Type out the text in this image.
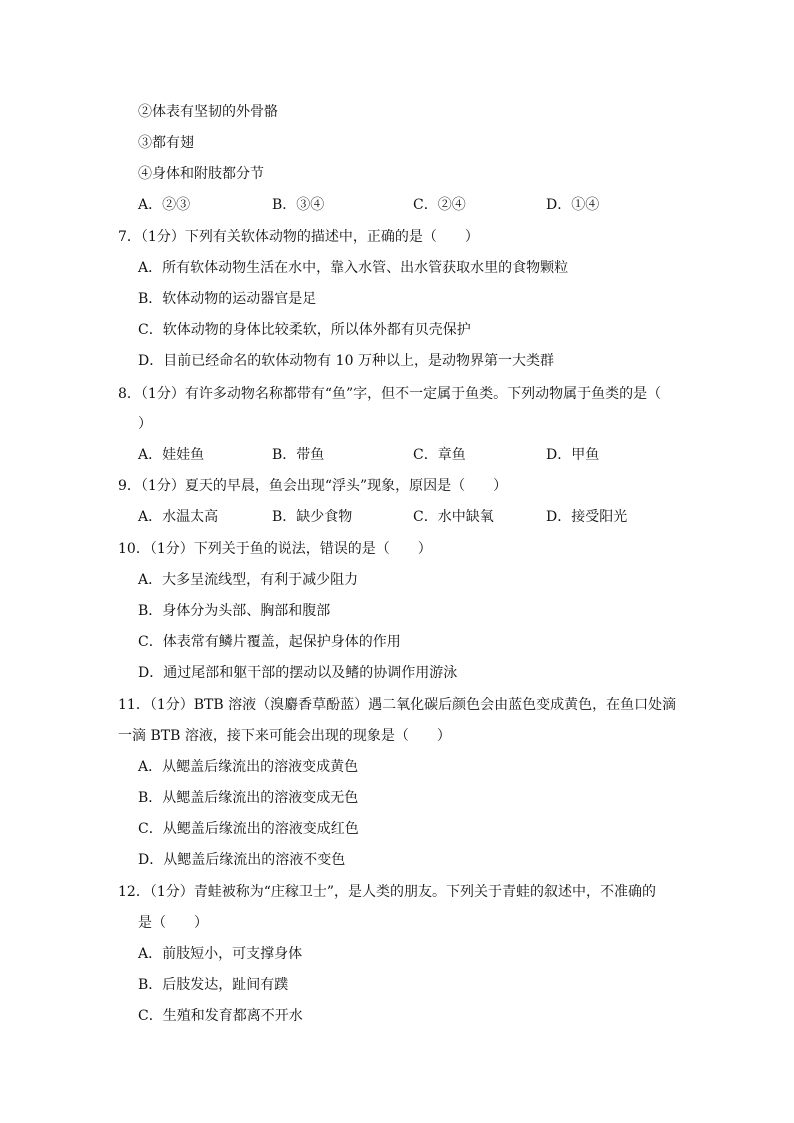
②体表有坚韧的外骨骼
③都有翅
④身体和附肢都分节
A．②③	B．③④	C．②④	D．①④
7．（1分）下列有关软体动物的描述中，正确的是（　　）
A．所有软体动物生活在水中，靠入水管、出水管获取水里的食物颗粒
B．软体动物的运动器官是足
C．软体动物的身体比较柔软，所以体外都有贝壳保护
D．目前已经命名的软体动物有 10 万种以上，是动物界第一大类群
8．（1分）有许多动物名称都带有“鱼”字，但不一定属于鱼类。下列动物属于鱼类的是（
）
A．娃娃鱼	B．带鱼	C．章鱼	D．甲鱼
9．（1分）夏天的早晨，鱼会出现“浮头”现象，原因是（　　）
A．水温太高	B．缺少食物	C．水中缺氧	D．接受阳光
10．（1分）下列关于鱼的说法，错误的是（　　）
A．大多呈流线型，有利于减少阻力
B．身体分为头部、胸部和腹部
C．体表常有鳞片覆盖，起保护身体的作用
D．通过尾部和躯干部的摆动以及鳍的协调作用游泳
11．（1分）BTB 溶液（溴麝香草酚蓝）遇二氧化碳后颜色会由蓝色变成黄色，在鱼口处滴
一滴 BTB 溶液，接下来可能会出现的现象是（　　）
A．从鳃盖后缘流出的溶液变成黄色
B．从鳃盖后缘流出的溶液变成无色
C．从鳃盖后缘流出的溶液变成红色
D．从鳃盖后缘流出的溶液不变色
12．（1分）青蛙被称为“庄稼卫士”，是人类的朋友。下列关于青蛙的叙述中，不准确的
是（　　）
A．前肢短小，可支撑身体
B．后肢发达，趾间有蹼
C．生殖和发育都离不开水
